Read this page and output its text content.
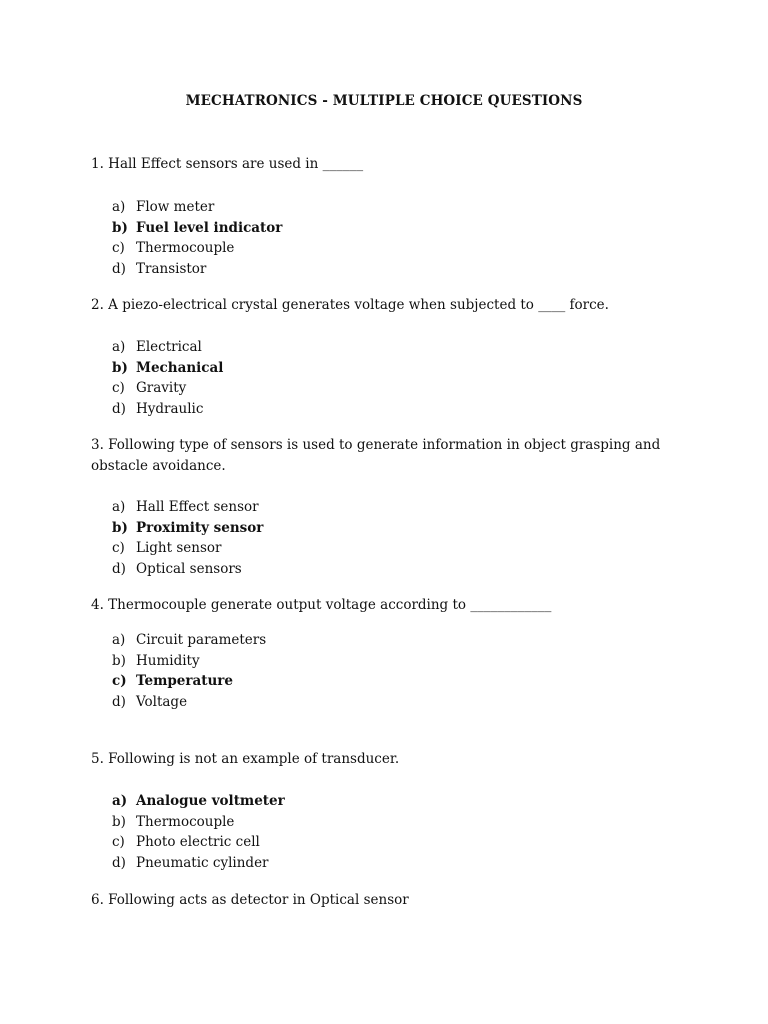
MECHATRONICS - MULTIPLE CHOICE QUESTIONS
1. Hall Effect sensors are used in ______
a) Flow meter
b) Fuel level indicator
c) Thermocouple
d) Transistor
2. A piezo-electrical crystal generates voltage when subjected to ____ force.
a) Electrical
b) Mechanical
c) Gravity
d) Hydraulic
3. Following type of sensors is used to generate information in object grasping and obstacle avoidance.
a) Hall Effect sensor
b) Proximity sensor
c) Light sensor
d) Optical sensors
4. Thermocouple generate output voltage according to ____________
a) Circuit parameters
b) Humidity
c) Temperature
d) Voltage
5. Following is not an example of transducer.
a) Analogue voltmeter
b) Thermocouple
c) Photo electric cell
d) Pneumatic cylinder
6. Following acts as detector in Optical sensor
